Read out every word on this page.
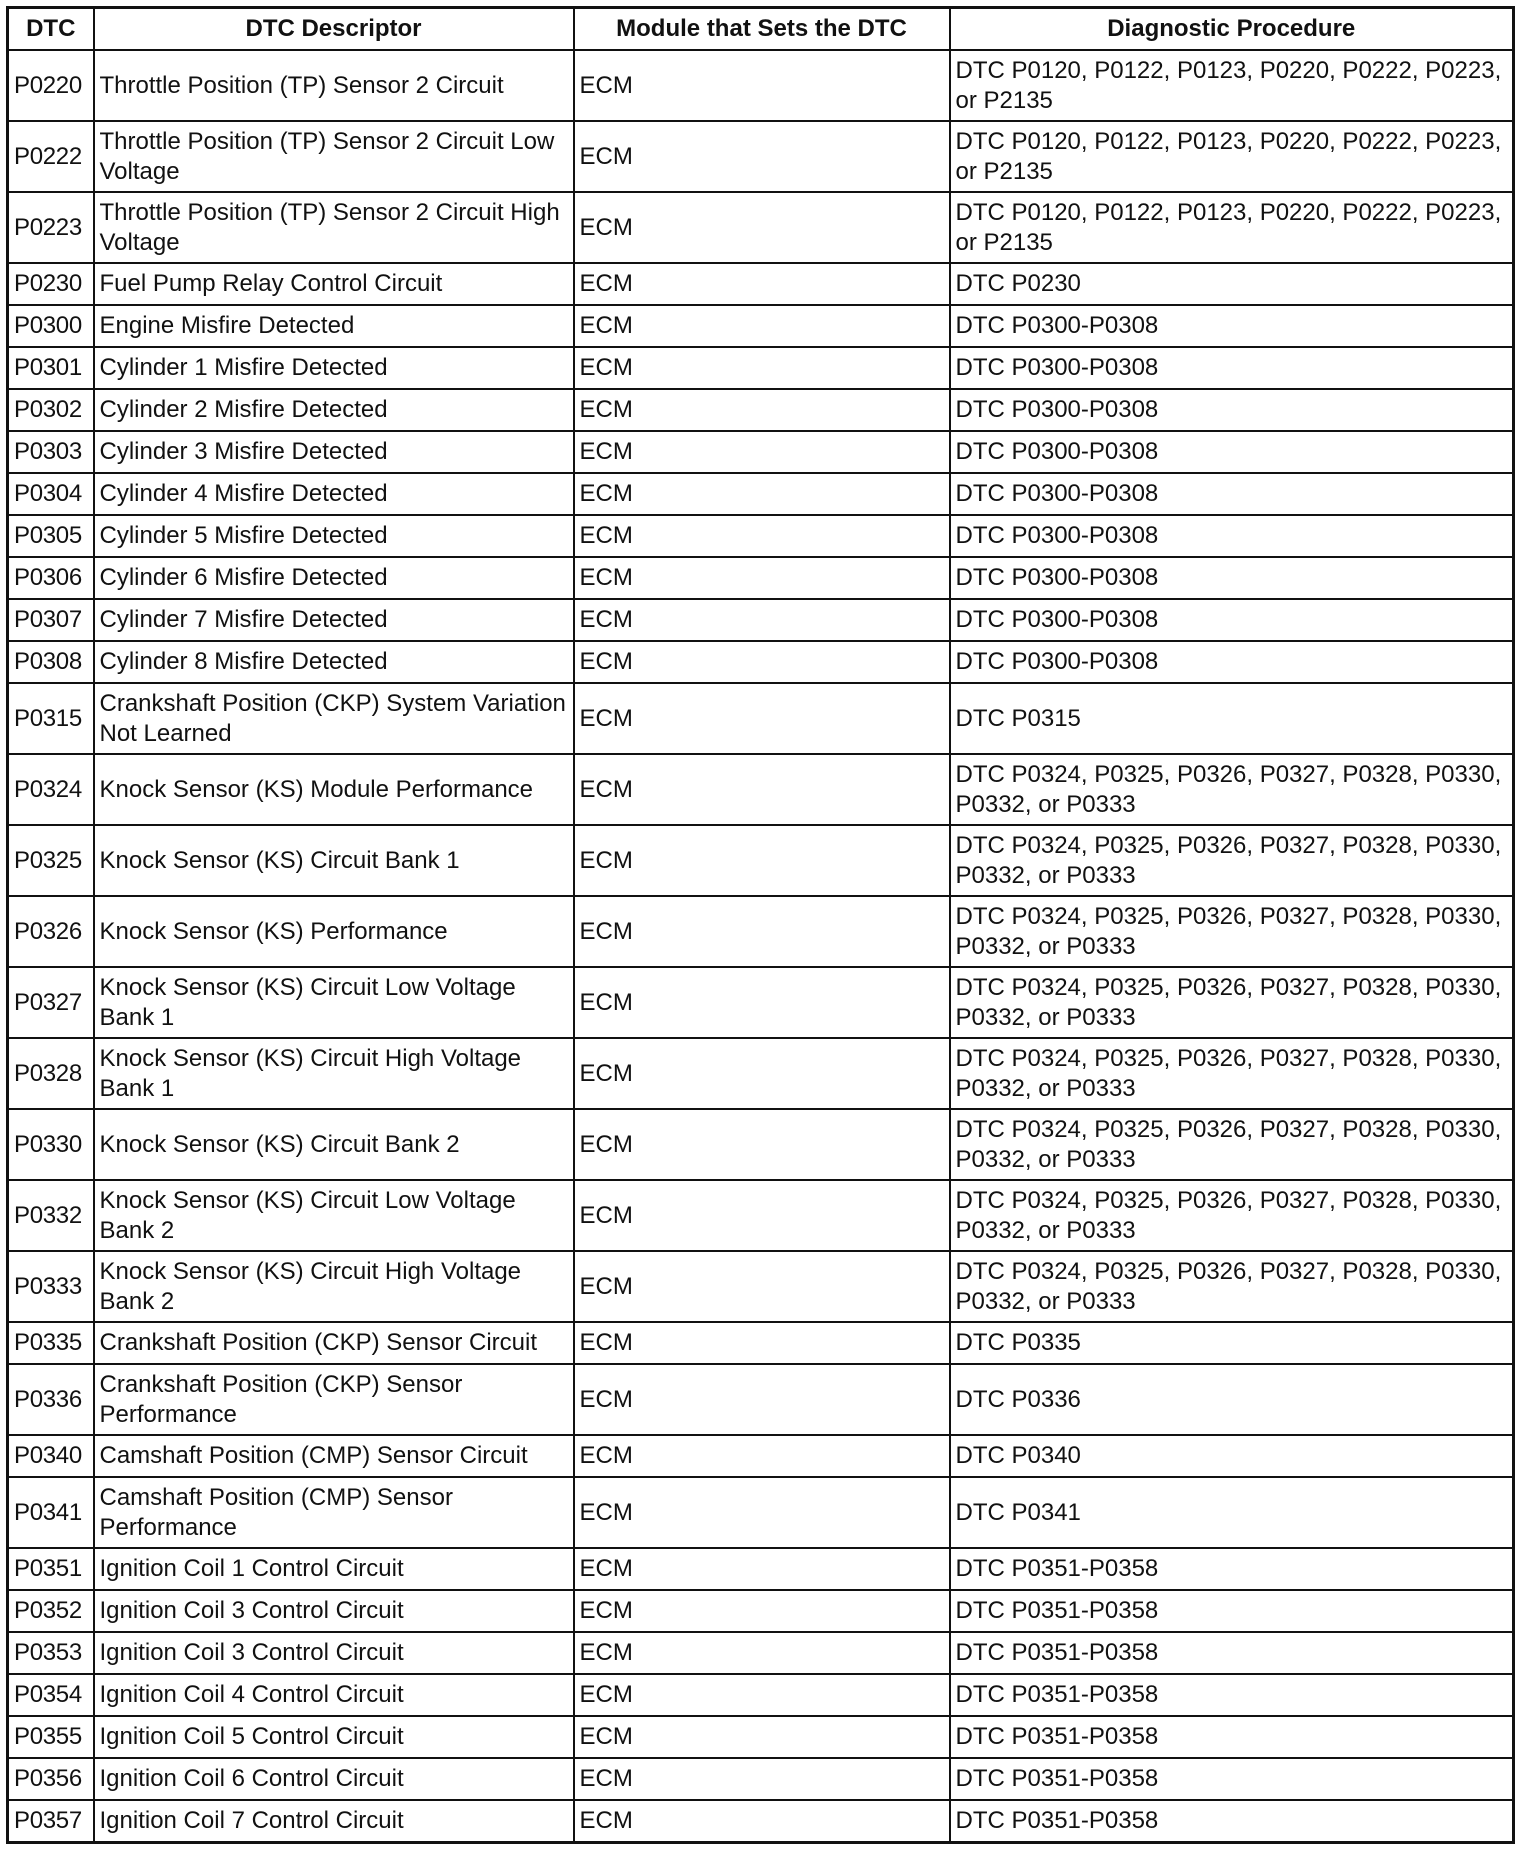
DTC	DTC Descriptor	Module that Sets the DTC	Diagnostic Procedure
P0220	Throttle Position (TP) Sensor 2 Circuit	ECM	DTC P0120, P0122, P0123, P0220, P0222, P0223, or P2135
P0222	Throttle Position (TP) Sensor 2 Circuit Low Voltage	ECM	DTC P0120, P0122, P0123, P0220, P0222, P0223, or P2135
P0223	Throttle Position (TP) Sensor 2 Circuit High Voltage	ECM	DTC P0120, P0122, P0123, P0220, P0222, P0223, or P2135
P0230	Fuel Pump Relay Control Circuit	ECM	DTC P0230
P0300	Engine Misfire Detected	ECM	DTC P0300-P0308
P0301	Cylinder 1 Misfire Detected	ECM	DTC P0300-P0308
P0302	Cylinder 2 Misfire Detected	ECM	DTC P0300-P0308
P0303	Cylinder 3 Misfire Detected	ECM	DTC P0300-P0308
P0304	Cylinder 4 Misfire Detected	ECM	DTC P0300-P0308
P0305	Cylinder 5 Misfire Detected	ECM	DTC P0300-P0308
P0306	Cylinder 6 Misfire Detected	ECM	DTC P0300-P0308
P0307	Cylinder 7 Misfire Detected	ECM	DTC P0300-P0308
P0308	Cylinder 8 Misfire Detected	ECM	DTC P0300-P0308
P0315	Crankshaft Position (CKP) System Variation Not Learned	ECM	DTC P0315
P0324	Knock Sensor (KS) Module Performance	ECM	DTC P0324, P0325, P0326, P0327, P0328, P0330, P0332, or P0333
P0325	Knock Sensor (KS) Circuit Bank 1	ECM	DTC P0324, P0325, P0326, P0327, P0328, P0330, P0332, or P0333
P0326	Knock Sensor (KS) Performance	ECM	DTC P0324, P0325, P0326, P0327, P0328, P0330, P0332, or P0333
P0327	Knock Sensor (KS) Circuit Low Voltage Bank 1	ECM	DTC P0324, P0325, P0326, P0327, P0328, P0330, P0332, or P0333
P0328	Knock Sensor (KS) Circuit High Voltage Bank 1	ECM	DTC P0324, P0325, P0326, P0327, P0328, P0330, P0332, or P0333
P0330	Knock Sensor (KS) Circuit Bank 2	ECM	DTC P0324, P0325, P0326, P0327, P0328, P0330, P0332, or P0333
P0332	Knock Sensor (KS) Circuit Low Voltage Bank 2	ECM	DTC P0324, P0325, P0326, P0327, P0328, P0330, P0332, or P0333
P0333	Knock Sensor (KS) Circuit High Voltage Bank 2	ECM	DTC P0324, P0325, P0326, P0327, P0328, P0330, P0332, or P0333
P0335	Crankshaft Position (CKP) Sensor Circuit	ECM	DTC P0335
P0336	Crankshaft Position (CKP) Sensor Performance	ECM	DTC P0336
P0340	Camshaft Position (CMP) Sensor Circuit	ECM	DTC P0340
P0341	Camshaft Position (CMP) Sensor Performance	ECM	DTC P0341
P0351	Ignition Coil 1 Control Circuit	ECM	DTC P0351-P0358
P0352	Ignition Coil 3 Control Circuit	ECM	DTC P0351-P0358
P0353	Ignition Coil 3 Control Circuit	ECM	DTC P0351-P0358
P0354	Ignition Coil 4 Control Circuit	ECM	DTC P0351-P0358
P0355	Ignition Coil 5 Control Circuit	ECM	DTC P0351-P0358
P0356	Ignition Coil 6 Control Circuit	ECM	DTC P0351-P0358
P0357	Ignition Coil 7 Control Circuit	ECM	DTC P0351-P0358
